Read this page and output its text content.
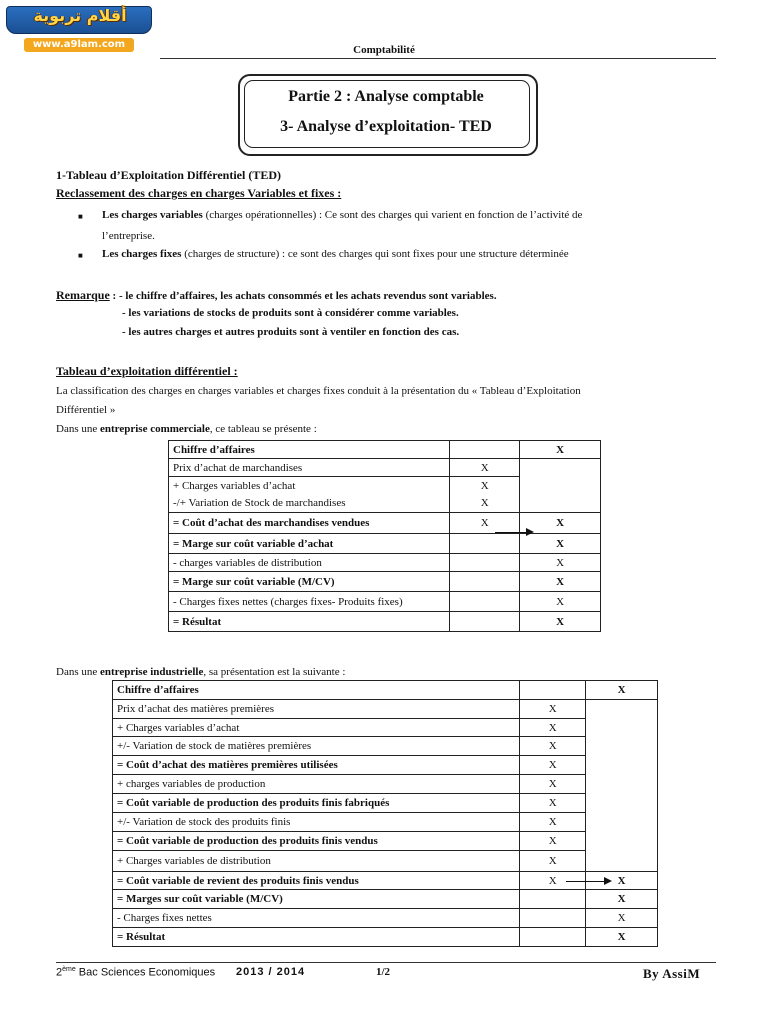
أقلام تربوية
www.a9lam.com	Comptabilité
Partie 2 : Analyse comptable
3- Analyse d’exploitation- TED
1-Tableau d’Exploitation Différentiel (TED)
Reclassement des charges en charges Variables et fixes :
■ Les charges variables (charges opérationnelles) : Ce sont des charges qui varient en fonction de l’activité de
l’entreprise.
■ Les charges fixes (charges de structure) : ce sont des charges qui sont fixes pour une structure déterminée
Remarque : - le chiffre d’affaires, les achats consommés et les achats revendus sont variables.
- les variations de stocks de produits sont à considérer comme variables.
- les autres charges et autres produits sont à ventiler en fonction des cas.
Tableau d’exploitation différentiel :
La classification des charges en charges variables et charges fixes conduit à la présentation du « Tableau d’Exploitation
Différentiel »
Dans une entreprise commerciale, ce tableau se présente :
Chiffre d’affaires		X
Prix d’achat de marchandises	X	
+ Charges variables d’achat	X	
-/+ Variation de Stock de marchandises	X	
= Coût d’achat des marchandises vendues	X	X
= Marge sur coût variable d’achat		X
- charges variables de distribution		X
= Marge sur coût variable (M/CV)		X
- Charges fixes nettes (charges fixes- Produits fixes)		X
= Résultat		X
Dans une entreprise industrielle, sa présentation est la suivante :
Chiffre d’affaires		X
Prix d’achat des matières premières	X	
+ Charges variables d’achat	X	
+/- Variation de stock de matières premières	X	
= Coût d’achat des matières premières utilisées	X	
+ charges variables de production	X	
= Coût variable de production des produits finis fabriqués	X	
+/- Variation de stock des produits finis	X	
= Coût variable de production des produits finis vendus	X	
+ Charges variables de distribution	X	
= Coût variable de revient des produits finis vendus	X	X
= Marges sur coût variable (M/CV)		X
- Charges fixes nettes		X
= Résultat		X
2ème Bac Sciences Economiques 2013 / 2014	1/2	By AssiM
